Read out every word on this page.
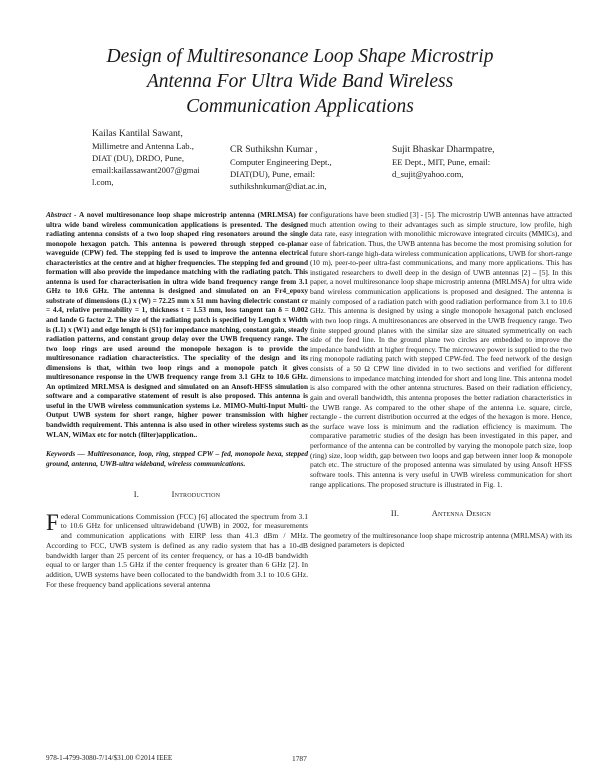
Design of Multiresonance Loop Shape Microstrip
Antenna For Ultra Wide Band Wireless
Communication Applications
Kailas Kantilal Sawant,
Millimetre and Antenna Lab.,
DIAT (DU), DRDO, Pune,
email:kailassawant2007@gmai
l.com,
CR Suthikshn Kumar ,
Computer Engineering Dept.,
DIAT(DU), Pune, email:
suthikshnkumar@diat.ac.in,
Sujit Bhaskar Dharmpatre,
EE Dept., MIT, Pune, email:
d_sujit@yahoo.com,

Abstract - A novel multiresonance loop shape microstrip antenna (MRLMSA) for ultra wide band wireless communication applications is presented. The designed radiating antenna consists of a two loop shaped ring resonators around the single monopole hexagon patch. This antenna is powered through stepped co-planar waveguide (CPW) fed. The stepping fed is used to improve the antenna electrical characteristics at the centre and at higher frequencies. The stepping fed and ground formation will also provide the impedance matching with the radiating patch. This antenna is used for characterisation in ultra wide band frequency range from 3.1 GHz to 10.6 GHz. The antenna is designed and simulated on an Fr4_epoxy substrate of dimensions (L) x (W) = 72.25 mm x 51 mm having dielectric constant εr = 4.4, relative permeability = 1, thickness t = 1.53 mm, loss tangent tan δ = 0.002 and lande G factor 2. The size of the radiating patch is specified by Length x Width is (L1) x (W1) and edge length is (S1) for impedance matching, constant gain, steady radiation patterns, and constant group delay over the UWB frequency range. The two loop rings are used around the monopole hexagon is to provide the multiresonance radiation characteristics. The speciality of the design and its dimensions is that, within two loop rings and a monopole patch it gives multiresonance response in the UWB frequency range from 3.1 GHz to 10.6 GHz. An optimized MRLMSA is designed and simulated on an Ansoft-HFSS simulation software and a comparative statement of result is also proposed. This antenna is useful in the UWB wireless communication systems i.e. MIMO-Multi-Input Multi-Output UWB system for short range, higher power transmission with higher bandwidth requirement. This antenna is also used in other wireless systems such as WLAN, WiMax etc for notch (filter)application..

Keywords — Multiresonance, loop, ring, stepped CPW – fed, monopole hexa, stepped ground, antenna, UWB-ultra wideband, wireless communications.

I.	Introduction

Federal Communications Commission (FCC) [6] allocated the spectrum from 3.1 to 10.6 GHz for unlicensed ultrawideband (UWB) in 2002, for measurements and communication applications with EIRP less than 41.3 dBm / MHz. According to FCC, UWB system is defined as any radio system that has a 10-dB bandwidth larger than 25 percent of its center frequency, or has a 10-dB bandwidth equal to or larger than 1.5 GHz if the center frequency is greater than 6 GHz [2]. In addition, UWB systems have been collocated to the bandwidth from 3.1 to 10.6 GHz. For these frequency band applications several antenna

configurations have been studied [3] - [5]. The microstrip UWB antennas have attracted much attention owing to their advantages such as simple structure, low profile, high data rate, easy integration with monolithic microwave integrated circuits (MMICs), and ease of fabrication. Thus, the UWB antenna has become the most promising solution for future short-range high-data wireless communication applications, UWB for short-range (10 m), peer-to-peer ultra-fast communications, and many more applications. This has instigated researchers to dwell deep in the design of UWB antennas [2] – [5]. In this paper, a novel multiresonance loop shape microstrip antenna (MRLMSA) for ultra wide band wireless communication applications is proposed and designed. The antenna is mainly composed of a radiation patch with good radiation performance from 3.1 to 10.6 GHz. This antenna is designed by using a single monopole hexagonal patch enclosed with two loop rings. A multiresonances are observed in the UWB frequency range. Two finite stepped ground planes with the similar size are situated symmetrically on each side of the feed line. In the ground plane two circles are embedded to improve the impedance bandwidth at higher frequency. The microwave power is supplied to the two ring monopole radiating patch with stepped CPW-fed. The feed network of the design consists of a 50 Ω CPW line divided in to two sections and verified for different dimensions to impedance matching intended for short and long line. This antenna model is also compared with the other antenna structures. Based on their radiation efficiency, gain and overall bandwidth, this antenna proposes the better radiation characteristics in the UWB range. As compared to the other shape of the antenna i.e. square, circle, rectangle - the current distribution occurred at the edges of the hexagon is more. Hence, the surface wave loss is minimum and the radiation efficiency is maximum. The comparative parametric studies of the design has been investigated in this paper, and performance of the antenna can be controlled by varying the monopole patch size, loop (ring) size, loop width, gap between two loops and gap between inner loop & monopole patch etc. The structure of the proposed antenna was simulated by using Ansoft HFSS software tools. This antenna is very useful in UWB wireless communication for short range applications. The proposed structure is illustrated in Fig. 1.

II.	Antenna Design

The geometry of the multiresonance loop shape microstrip antenna (MRLMSA) with its designed parameters is depicted

978-1-4799-3080-7/14/$31.00 ©2014 IEEE	1787
